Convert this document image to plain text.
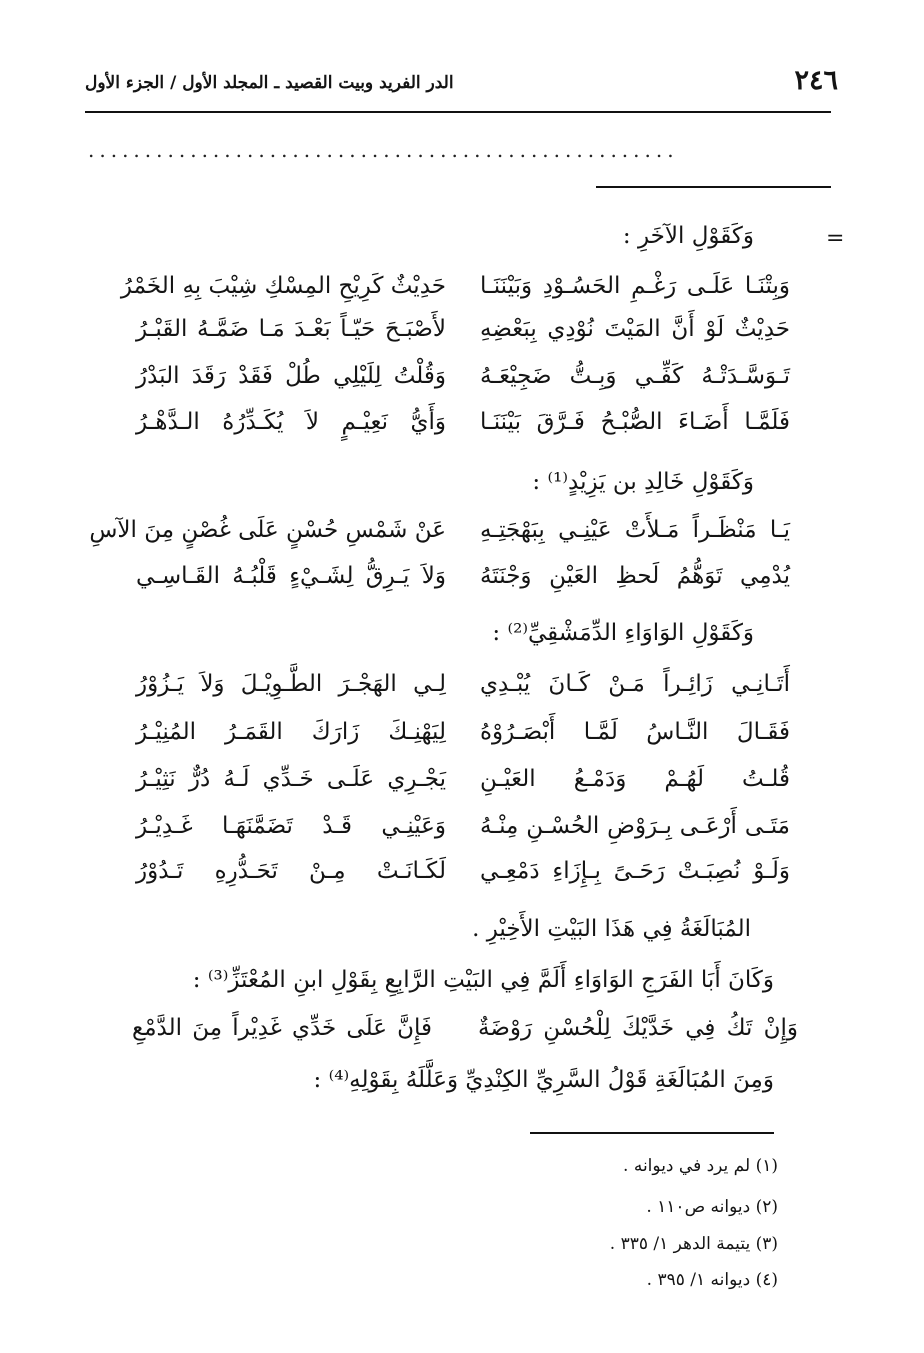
٢٤٦
الدر الفريد وبيت القصيد ـ المجلد الأول / الجزء الأول
....................................................
=
وَكَقَوْلِ الآخَرِ :
وَبِتْنَـا عَلَـى رَغْـمِ الحَسُـوْدِ وَبَيْنَنَـا
حَدِيْثٌ كَرِيْحِ المِسْكِ شِيْبَ بِهِ الخَمْرُ
حَدِيْثٌ لَوْ أَنَّ المَيْتَ نُوْدِي بِبَعْضِهِ
لأَصْبَـحَ حَيّـاً بَعْـدَ مَـا ضَمَّـهُ القَبْـرُ
تَـوَسَّـدَتْـهُ كَفِّـي وَبِـتُّ ضَجِيْعَـهُ
وَقُلْتُ لِلَيْلِي طُلْ فَقَدْ رَقَدَ البَدْرُ
فَلَمَّـا أَضَـاءَ الصُّبْـحُ فَـرَّقَ بَيْنَنَـا
وَأَيُّ نَعِيْـمٍ لاَ يُكَـدِّرُهُ الـدَّهْـرُ
وَكَقَوْلِ خَالِدِ بن يَزِيْدٍ⁽¹⁾ :
يَـا مَنْظَـراً مَـلأَتْ عَيْنِـي بِبَهْجَتِـهِ
عَنْ شَمْسِ حُسْنٍ عَلَى غُصْنٍ مِنَ الآسِ
يُدْمِي تَوَهُّمُ لَحظِ العَيْنِ وَجْنَتَهُ
وَلاَ يَـرِقُّ لِشَـيْءٍ قَلْبُـهُ القَـاسِـي
وَكَقَوْلِ الوَاوَاءِ الدِّمَشْقِيِّ⁽²⁾ :
أَتَـانِـي زَائِـراً مَـنْ كَـانَ يُبْـدِي
لِـي الهَجْـرَ الطَّـوِيْـلَ وَلاَ يَـزُوْرُ
فَقَـالَ النَّـاسُ لَمَّـا أَبْصَـرُوْهُ
لِيَهْنِـكَ زَارَكَ القَمَـرُ المُنِيْـرُ
قُلـتُ لَهُـمْ وَدَمْـعُ العَيْـنِ
يَجْـرِي عَلَـى خَـدِّي لَـهُ دُرٌّ نَثِيْـرُ
مَتَـى أَرْعَـى بِـرَوْضِ الحُسْـنِ مِنْـهُ
وَعَيْنِـي قَـدْ تَضَمَّنَهَـا غَـدِيْـرُ
وَلَـوْ نُصِبَـتْ رَحَـىً بِـإِزَاءِ دَمْعِـي
لَكَـانَـتْ مِـنْ تَحَـدُّرِهِ تَـدُوْرُ
المُبَالَغَةُ فِي هَذَا البَيْتِ الأَخِيْرِ .
وَكَانَ أَبَا الفَرَجِ الوَاوَاءِ أَلَمَّ فِي البَيْتِ الرَّابِعِ بِقَوْلِ ابنِ المُعْتَزِّ⁽³⁾ :
وَإِنْ تَكُ فِي خَدَّيْكَ لِلْحُسْنِ رَوْضَةٌ
فَإِنَّ عَلَى خَدِّي غَدِيْراً مِنَ الدَّمْعِ
وَمِنَ المُبَالَغَةِ قَوْلُ السَّرِيِّ الكِنْدِيِّ وَعَلَّلَهُ بِقَوْلِهِ⁽⁴⁾ :
(١) لم يرد في ديوانه .
(٢) ديوانه ص١١٠ .
(٣) يتيمة الدهر ١/ ٣٣٥ .
(٤) ديوانه ١/ ٣٩٥ .
